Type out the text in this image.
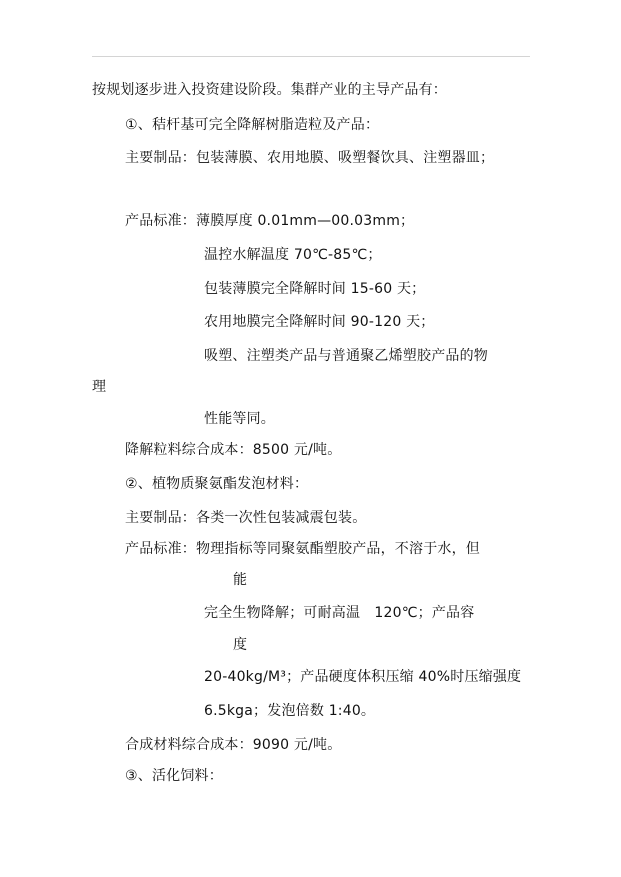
按规划逐步进入投资建设阶段。集群产业的主导产品有：
①、秸杆基可完全降解树脂造粒及产品：
主要制品：包装薄膜、农用地膜、吸塑餐饮具、注塑器皿；
产品标准：薄膜厚度 0.01mm—00.03mm；
温控水解温度 70℃-85℃；
包装薄膜完全降解时间 15-60 天；
农用地膜完全降解时间 90-120 天；
吸塑、注塑类产品与普通聚乙烯塑胶产品的物
理
性能等同。
降解粒料综合成本：8500 元/吨。
②、植物质聚氨酯发泡材料：
主要制品：各类一次性包装减震包装。
产品标准：物理指标等同聚氨酯塑胶产品，不溶于水，但
能
完全生物降解；可耐高温　120℃；产品容
度
20-40kg/M³；产品硬度体积压缩 40%时压缩强度
6.5kga；发泡倍数 1:40。
合成材料综合成本：9090 元/吨。
③、活化饲料：
